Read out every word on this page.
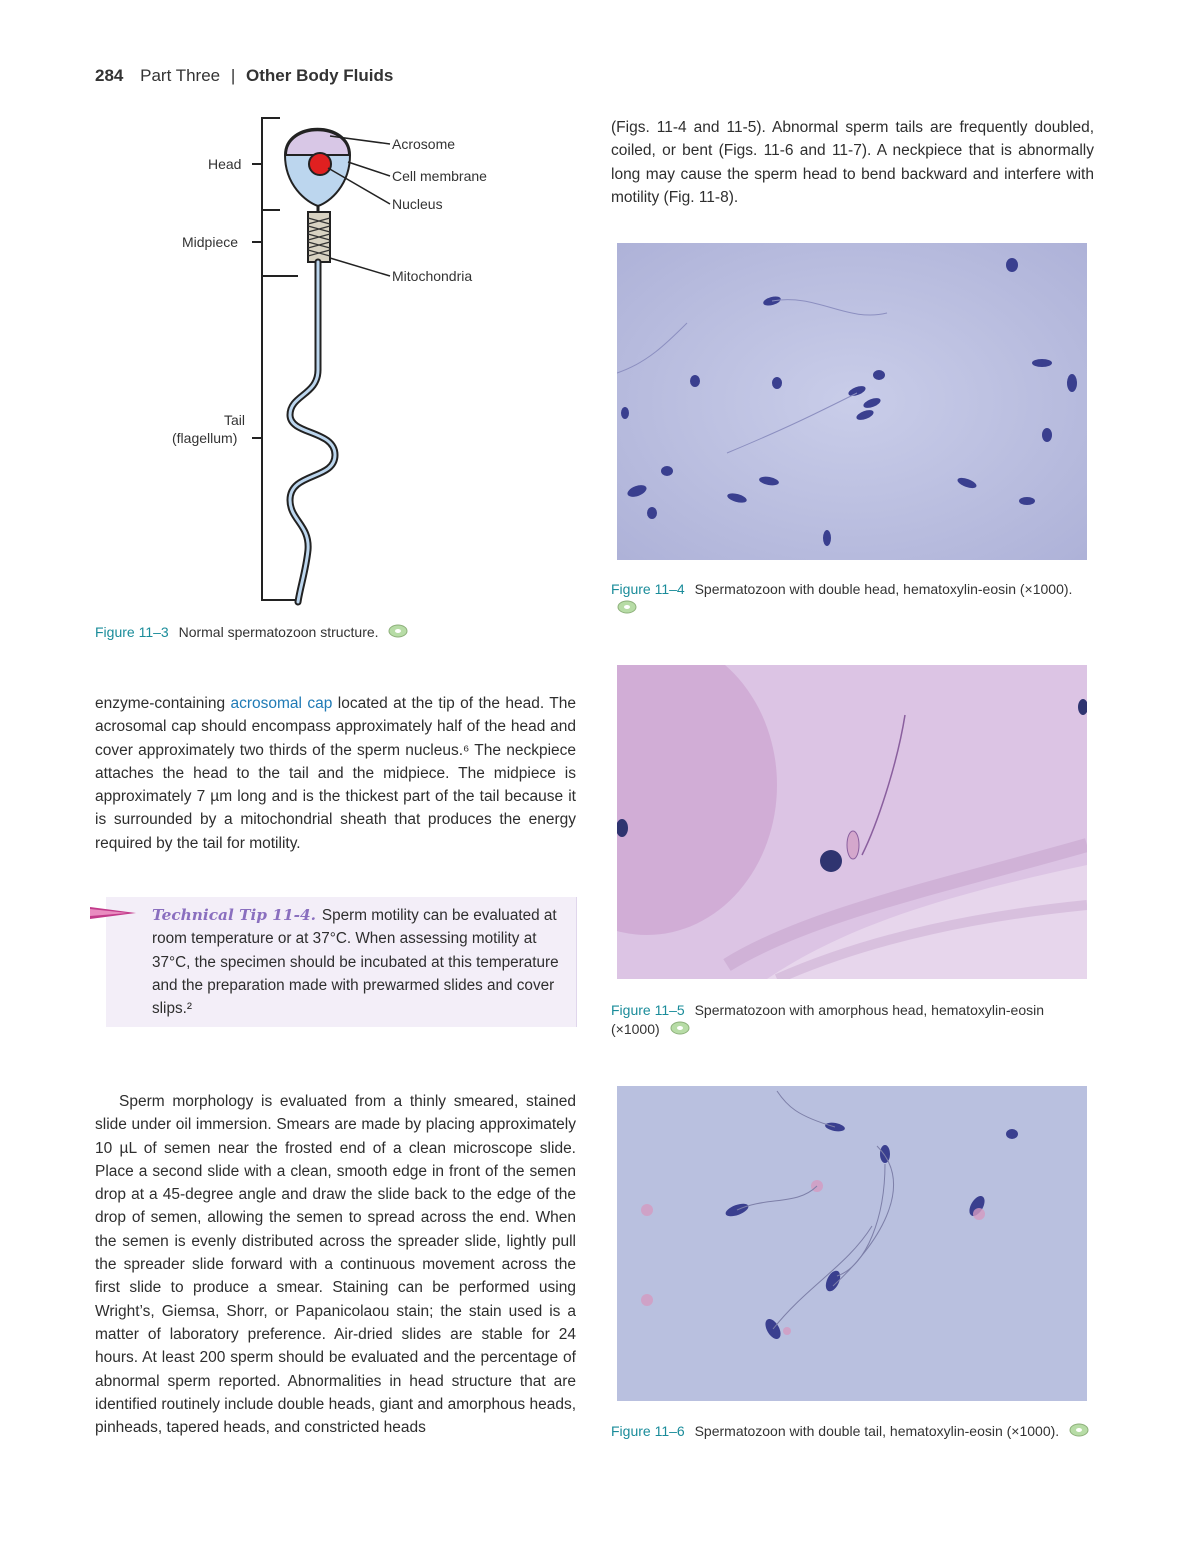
284 Part Three | Other Body Fluids
Head
Midpiece
Tail
(flagellum)
Acrosome
Cell membrane
Nucleus
Mitochondria
Figure 11–3 Normal spermatozoon structure.
enzyme-containing acrosomal cap located at the tip of the head. The acrosomal cap should encompass approximately half of the head and cover approximately two thirds of the sperm nucleus.⁶ The neckpiece attaches the head to the tail and the midpiece. The midpiece is approximately 7 µm long and is the thickest part of the tail because it is surrounded by a mitochondrial sheath that produces the energy required by the tail for motility.
Technical Tip 11-4. Sperm motility can be evaluated at room temperature or at 37°C. When assessing motility at 37°C, the specimen should be incubated at this temperature and the preparation made with prewarmed slides and cover slips.²
Sperm morphology is evaluated from a thinly smeared, stained slide under oil immersion. Smears are made by placing approximately 10 µL of semen near the frosted end of a clean microscope slide. Place a second slide with a clean, smooth edge in front of the semen drop at a 45-degree angle and draw the slide back to the edge of the drop of semen, allowing the semen to spread across the end. When the semen is evenly distributed across the spreader slide, lightly pull the spreader slide forward with a continuous movement across the first slide to produce a smear. Staining can be performed using Wright’s, Giemsa, Shorr, or Papanicolaou stain; the stain used is a matter of laboratory preference. Air-dried slides are stable for 24 hours. At least 200 sperm should be evaluated and the percentage of abnormal sperm reported. Abnormalities in head structure that are identified routinely include double heads, giant and amorphous heads, pinheads, tapered heads, and constricted heads
(Figs. 11-4 and 11-5). Abnormal sperm tails are frequently doubled, coiled, or bent (Figs. 11-6 and 11-7). A neckpiece that is abnormally long may cause the sperm head to bend backward and interfere with motility (Fig. 11-8).
Figure 11–4 Spermatozoon with double head, hematoxylin-eosin (×1000).
Figure 11–5 Spermatozoon with amorphous head, hematoxylin-eosin (×1000)
Figure 11–6 Spermatozoon with double tail, hematoxylin-eosin (×1000).
